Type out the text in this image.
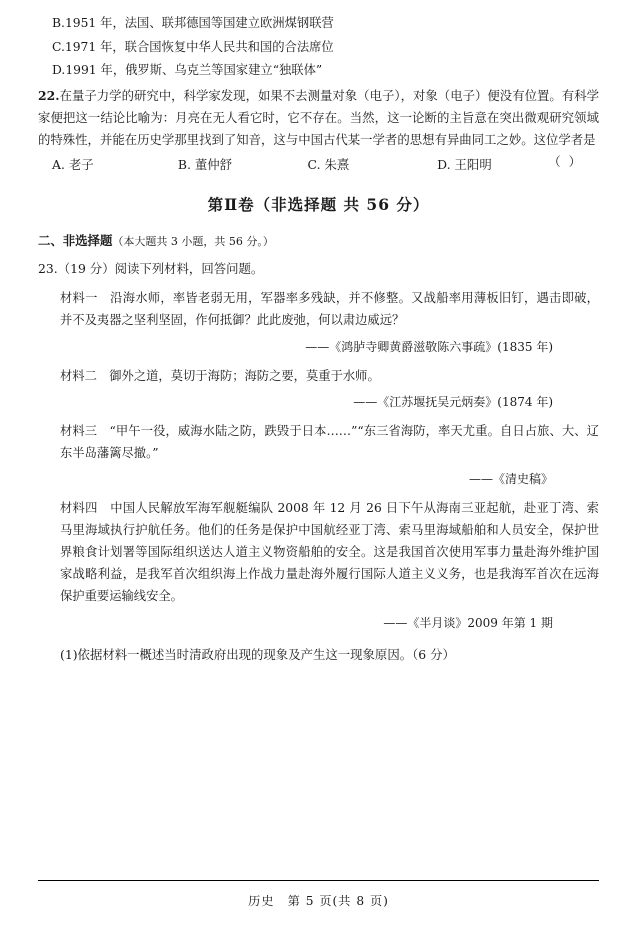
B.1951 年，法国、联邦德国等国建立欧洲煤钢联营
C.1971 年，联合国恢复中华人民共和国的合法席位
D.1991 年，俄罗斯、乌克兰等国家建立“独联体”
22.在量子力学的研究中，科学家发现，如果不去测量对象（电子），对象（电子）便没有位置。有科学家便把这一结论比喻为：月亮在无人看它时，它不存在。当然，这一论断的主旨意在突出微观研究领域的特殊性，并能在历史学那里找到了知音，这与中国古代某一学者的思想有异曲同工之妙。这位学者是
（ ）
A. 老子	B. 董仲舒	C. 朱熹	D. 王阳明
第Ⅱ卷（非选择题 共 56 分）
二、非选择题（本大题共 3 小题，共 56 分。）
23.（19 分）阅读下列材料，回答问题。
材料一　 沿海水师，率皆老弱无用，军器率多残缺，并不修整。又战船率用薄板旧钉，遇击即破，并不及夷器之坚利坚固，作何抵御？此此废弛，何以肃边威远？
——《鸿胪寺卿黄爵滋敬陈六事疏》(1835 年)
材料二　 御外之道，莫切于海防；海防之要，莫重于水师。
——《江苏堰抚吴元炳奏》(1874 年)
材料三　 “甲午一役，威海水陆之防，跌毁于日本……”“东三省海防，率天尤重。自日占旅、大、辽东半岛藩篱尽撤。”
——《清史稿》
材料四　 中国人民解放军海军舰艇编队 2008 年 12 月 26 日下午从海南三亚起航，赴亚丁湾、索马里海域执行护航任务。他们的任务是保护中国航经亚丁湾、索马里海域船舶和人员安全，保护世界粮食计划署等国际组织送达人道主义物资船舶的安全。这是我国首次使用军事力量赴海外维护国家战略利益，是我军首次组织海上作战力量赴海外履行国际人道主义义务，也是我海军首次在远海保护重要运输线安全。
——《半月谈》2009 年第 1 期
(1)依据材料一概述当时清政府出现的现象及产生这一现象原因。（6 分）
历史　 第 5 页(共 8 页)
